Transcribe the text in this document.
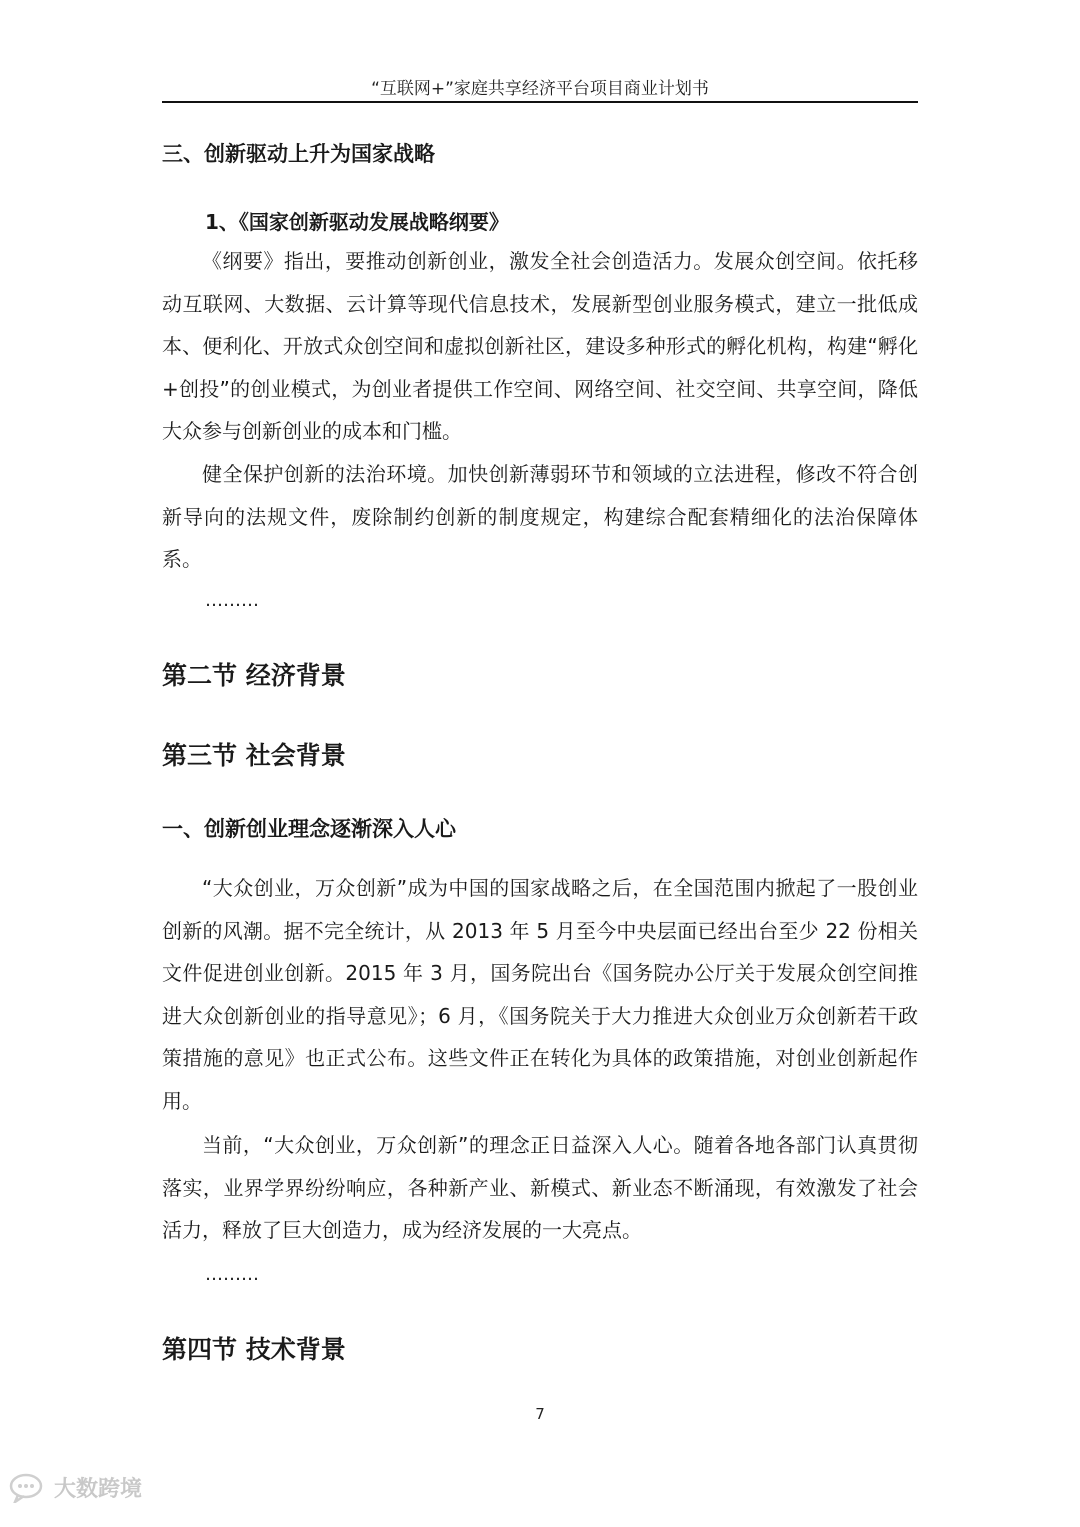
“互联网+”家庭共享经济平台项目商业计划书
三、创新驱动上升为国家战略
1、《国家创新驱动发展战略纲要》

《纲要》指出，要推动创新创业，激发全社会创造活力。发展众创空间。依托移动互联网、大数据、云计算等现代信息技术，发展新型创业服务模式，建立一批低成本、便利化、开放式众创空间和虚拟创新社区，建设多种形式的孵化机构，构建“孵化+创投”的创业模式，为创业者提供工作空间、网络空间、社交空间、共享空间，降低大众参与创新创业的成本和门槛。

健全保护创新的法治环境。加快创新薄弱环节和领域的立法进程，修改不符合创新导向的法规文件，废除制约创新的制度规定，构建综合配套精细化的法治保障体系。

………
第二节 经济背景
第三节 社会背景
一、创新创业理念逐渐深入人心

“大众创业，万众创新”成为中国的国家战略之后，在全国范围内掀起了一股创业创新的风潮。据不完全统计，从 2013 年 5 月至今中央层面已经出台至少 22 份相关文件促进创业创新。2015 年 3 月，国务院出台《国务院办公厅关于发展众创空间推进大众创新创业的指导意见》；6 月，《国务院关于大力推进大众创业万众创新若干政策措施的意见》也正式公布。这些文件正在转化为具体的政策措施，对创业创新起作用。

当前，“大众创业，万众创新”的理念正日益深入人心。随着各地各部门认真贯彻落实，业界学界纷纷响应，各种新产业、新模式、新业态不断涌现，有效激发了社会活力，释放了巨大创造力，成为经济发展的一大亮点。

………
第四节 技术背景
7
大数跨境
